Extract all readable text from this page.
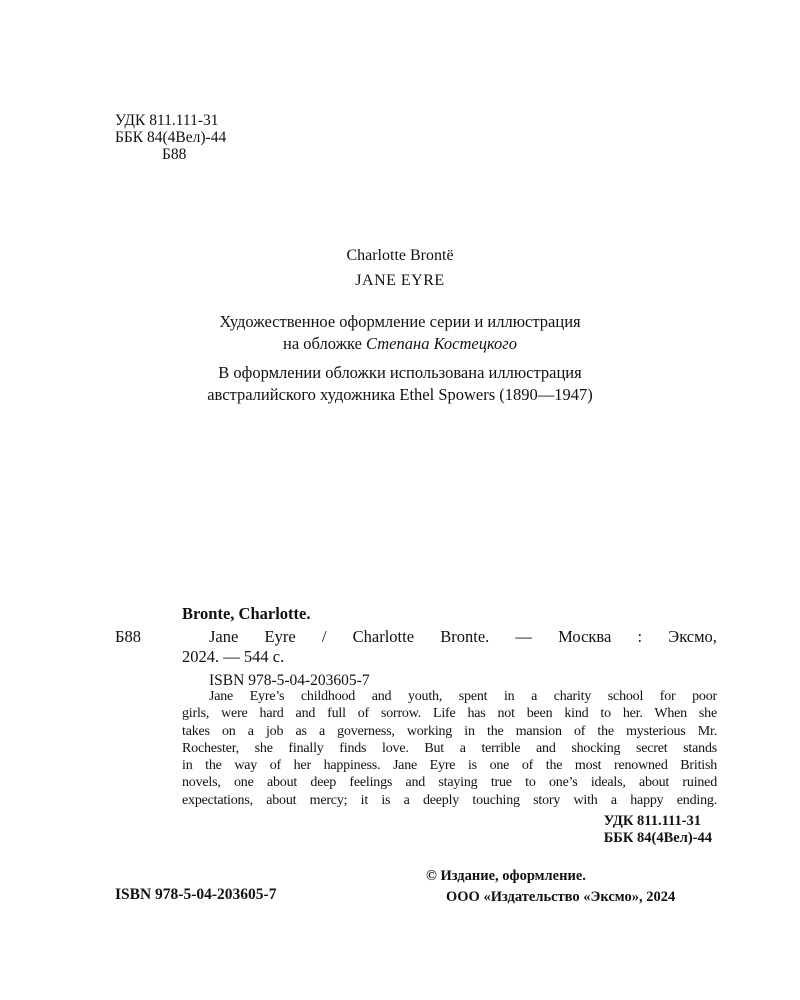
УДК 811.111-31
ББК 84(4Вел)-44
Б88
Charlotte Brontë
JANE EYRE
Художественное оформление серии и иллюстрация
на обложке Степана Костецкого
В оформлении обложки использована иллюстрация
австралийского художника Ethel Spowers (1890—1947)
Bronte, Charlotte.
Б88	Jane Eyre / Charlotte Bronte. — Москва : Эксмо,
2024. — 544 с.
ISBN 978-5-04-203605-7
Jane Eyre’s childhood and youth, spent in a charity school for poor
girls, were hard and full of sorrow. Life has not been kind to her. When she
takes on a job as a governess, working in the mansion of the mysterious Mr.
Rochester, she finally finds love. But a terrible and shocking secret stands
in the way of her happiness. Jane Eyre is one of the most renowned British
novels, one about deep feelings and staying true to one’s ideals, about ruined
expectations, about mercy; it is a deeply touching story with a happy ending.
УДК 811.111-31
ББК 84(4Вел)-44
© Издание, оформление.
ISBN 978-5-04-203605-7	ООО «Издательство «Эксмо», 2024
